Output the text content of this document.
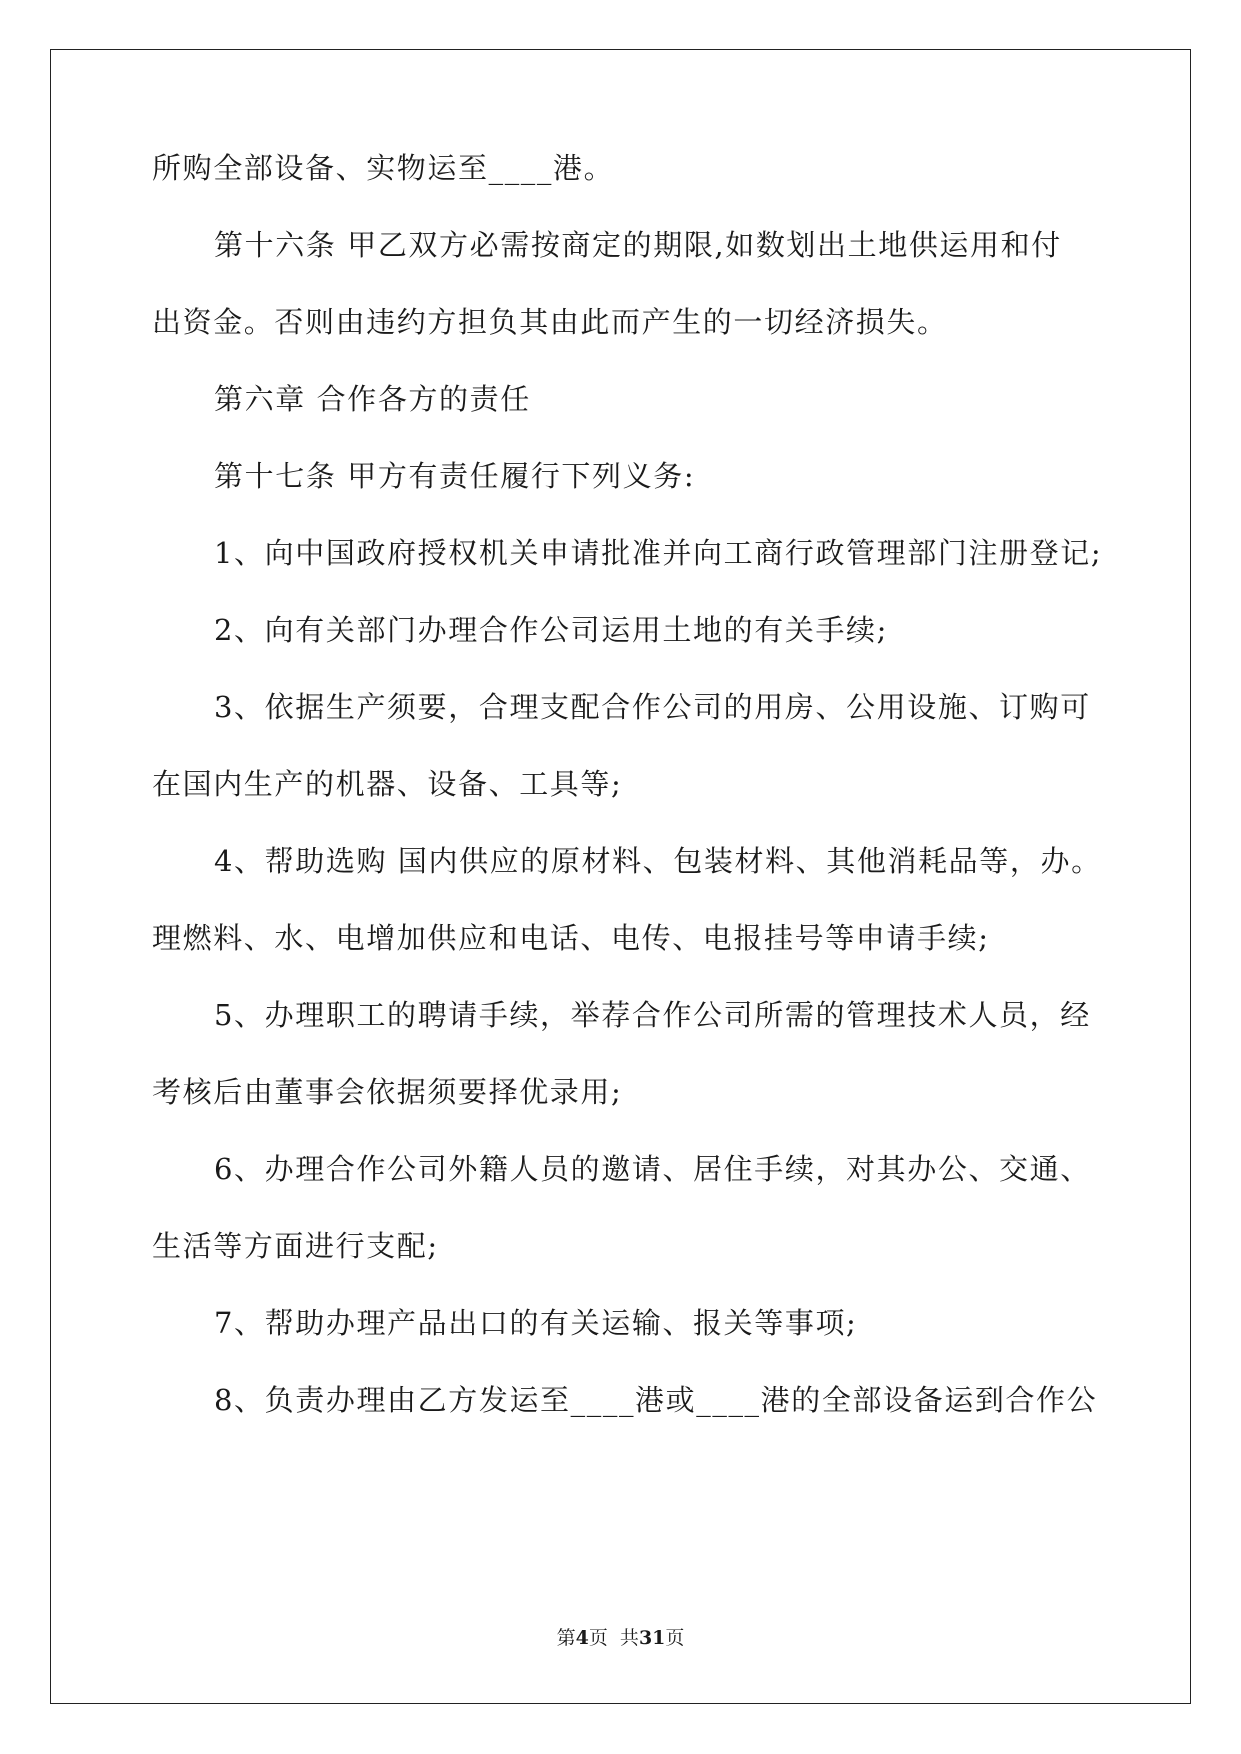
所购全部设备、实物运至____港。
第十六条 甲乙双方必需按商定的期限,如数划出土地供运用和付
出资金。否则由违约方担负其由此而产生的一切经济损失。
第六章 合作各方的责任
第十七条 甲方有责任履行下列义务:
1、向中国政府授权机关申请批准并向工商行政管理部门注册登记;
2、向有关部门办理合作公司运用土地的有关手续;
3、依据生产须要，合理支配合作公司的用房、公用设施、订购可
在国内生产的机器、设备、工具等;
4、帮助选购 国内供应的原材料、包装材料、其他消耗品等，办。
理燃料、水、电增加供应和电话、电传、电报挂号等申请手续;
5、办理职工的聘请手续，举荐合作公司所需的管理技术人员，经
考核后由董事会依据须要择优录用;
6、办理合作公司外籍人员的邀请、居住手续，对其办公、交通、
生活等方面进行支配;
7、帮助办理产品出口的有关运输、报关等事项;
8、负责办理由乙方发运至____港或____港的全部设备运到合作公
第4页  共31页
